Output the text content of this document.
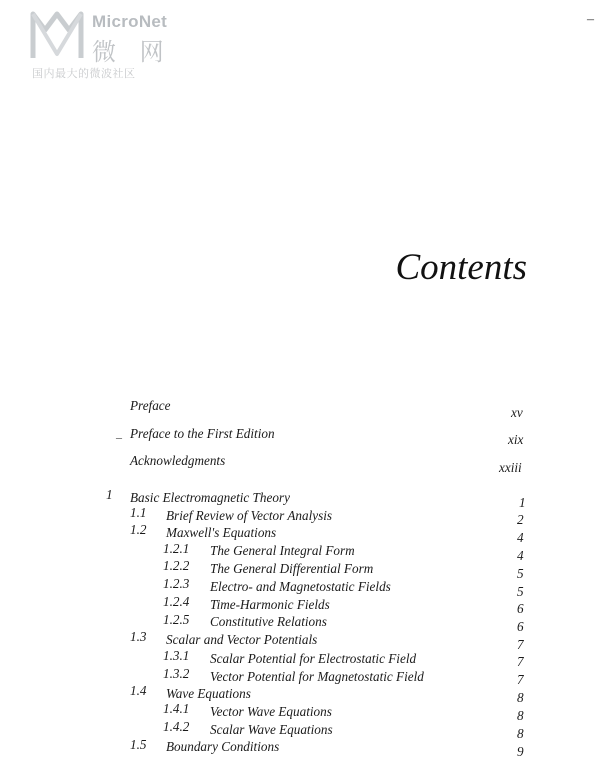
MicroNet
微 网
国内最大的微波社区
–
Contents
–
Preface	xv
Preface to the First Edition	xix
Acknowledgments	xxiii
1 Basic Electromagnetic Theory	1
1.1 Brief Review of Vector Analysis	2
1.2 Maxwell's Equations	4
1.2.1 The General Integral Form	4
1.2.2 The General Differential Form	5
1.2.3 Electro- and Magnetostatic Fields	5
1.2.4 Time-Harmonic Fields	6
1.2.5 Constitutive Relations	6
1.3 Scalar and Vector Potentials	7
1.3.1 Scalar Potential for Electrostatic Field	7
1.3.2 Vector Potential for Magnetostatic Field	7
1.4 Wave Equations	8
1.4.1 Vector Wave Equations	8
1.4.2 Scalar Wave Equations	8
1.5 Boundary Conditions	9
